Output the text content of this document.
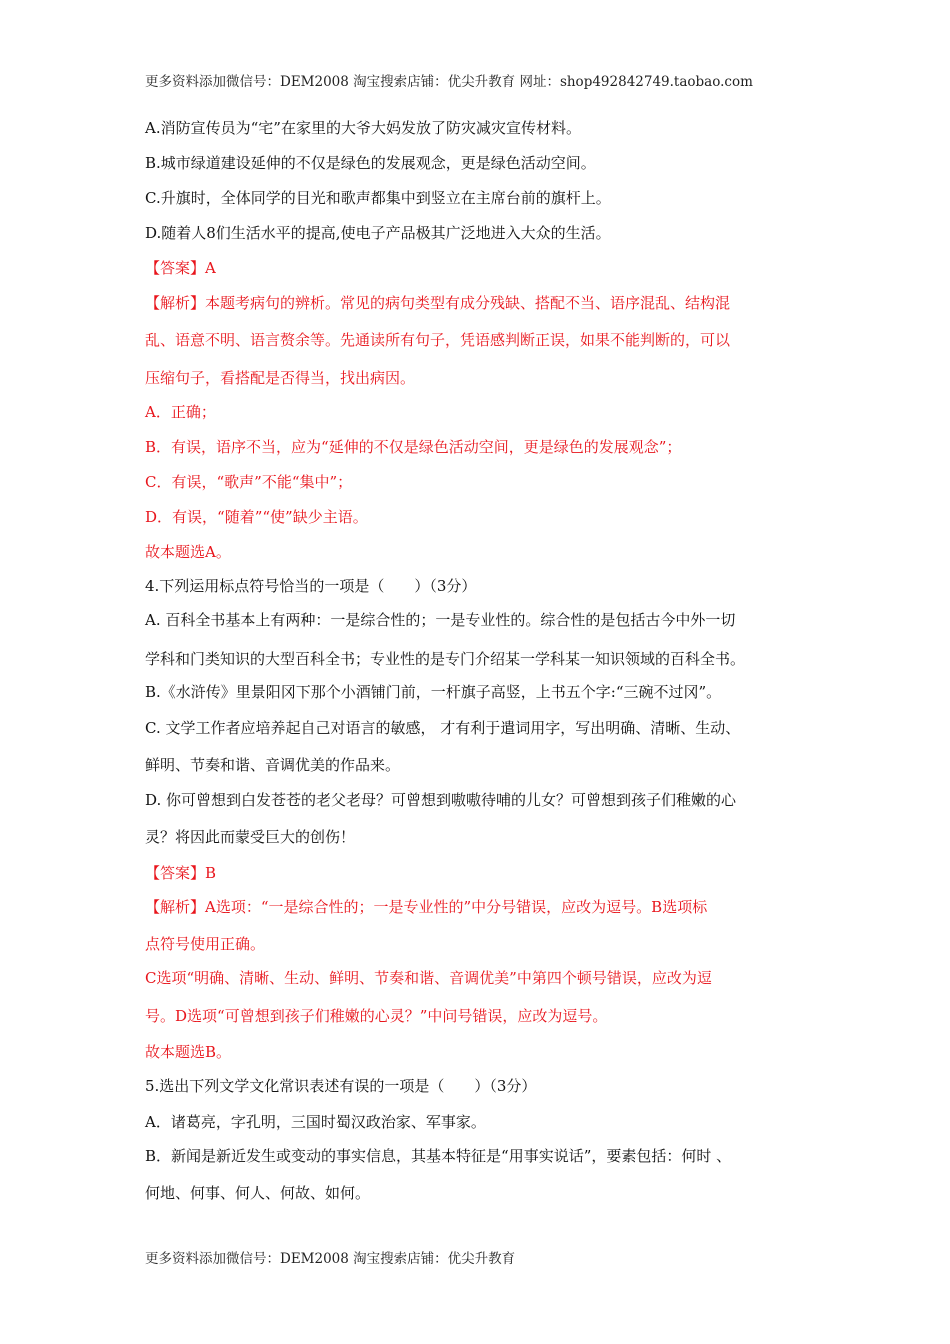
更多资料添加微信号：DEM2008 淘宝搜索店铺：优尖升教育 网址：shop492842749.taobao.com
A.消防宣传员为“宅”在家里的大爷大妈发放了防灾减灾宣传材料。
B.城市绿道建设延伸的不仅是绿色的发展观念，更是绿色活动空间。
C.升旗时，全体同学的目光和歌声都集中到竖立在主席台前的旗杆上。
D.随着人8们生活水平的提高,使电子产品极其广泛地进入大众的生活。
【答案】A
【解析】本题考病句的辨析。常见的病句类型有成分残缺、搭配不当、语序混乱、结构混
乱、语意不明、语言赘余等。先通读所有句子，凭语感判断正误，如果不能判断的，可以
压缩句子，看搭配是否得当，找出病因。
A．正确；
B．有误，语序不当，应为“延伸的不仅是绿色活动空间，更是绿色的发展观念”；
C．有误，“歌声”不能“集中”；
D．有误，“随着”“使”缺少主语。
故本题选A。
4.下列运用标点符号恰当的一项是（　　）（3分）
A. 百科全书基本上有两种：一是综合性的；一是专业性的。综合性的是包括古今中外一切
学科和门类知识的大型百科全书；专业性的是专门介绍某一学科某一知识领域的百科全书。
B.《水浒传》里景阳冈下那个小酒铺门前，一杆旗子高竖，上书五个字:“三碗不过冈”。
C. 文学工作者应培养起自己对语言的敏感， 才有利于遣词用字，写出明确、清晰、生动、
鲜明、节奏和谐、音调优美的作品来。
D. 你可曾想到白发苍苍的老父老母？可曾想到嗷嗷待哺的儿女？可曾想到孩子们稚嫩的心
灵？将因此而蒙受巨大的创伤！
【答案】B
【解析】A选项：“一是综合性的；一是专业性的”中分号错误，应改为逗号。B选项标
点符号使用正确。
C选项“明确、清晰、生动、鲜明、节奏和谐、音调优美”中第四个顿号错误，应改为逗
号。D选项“可曾想到孩子们稚嫩的心灵？”中问号错误，应改为逗号。
故本题选B。
5.选出下列文学文化常识表述有误的一项是（　　）（3分）
A．诸葛亮，字孔明，三国时蜀汉政治家、军事家。
B．新闻是新近发生或变动的事实信息，其基本特征是“用事实说话”，要素包括：何时 、
何地、何事、何人、何故、如何。
更多资料添加微信号：DEM2008 淘宝搜索店铺：优尖升教育
